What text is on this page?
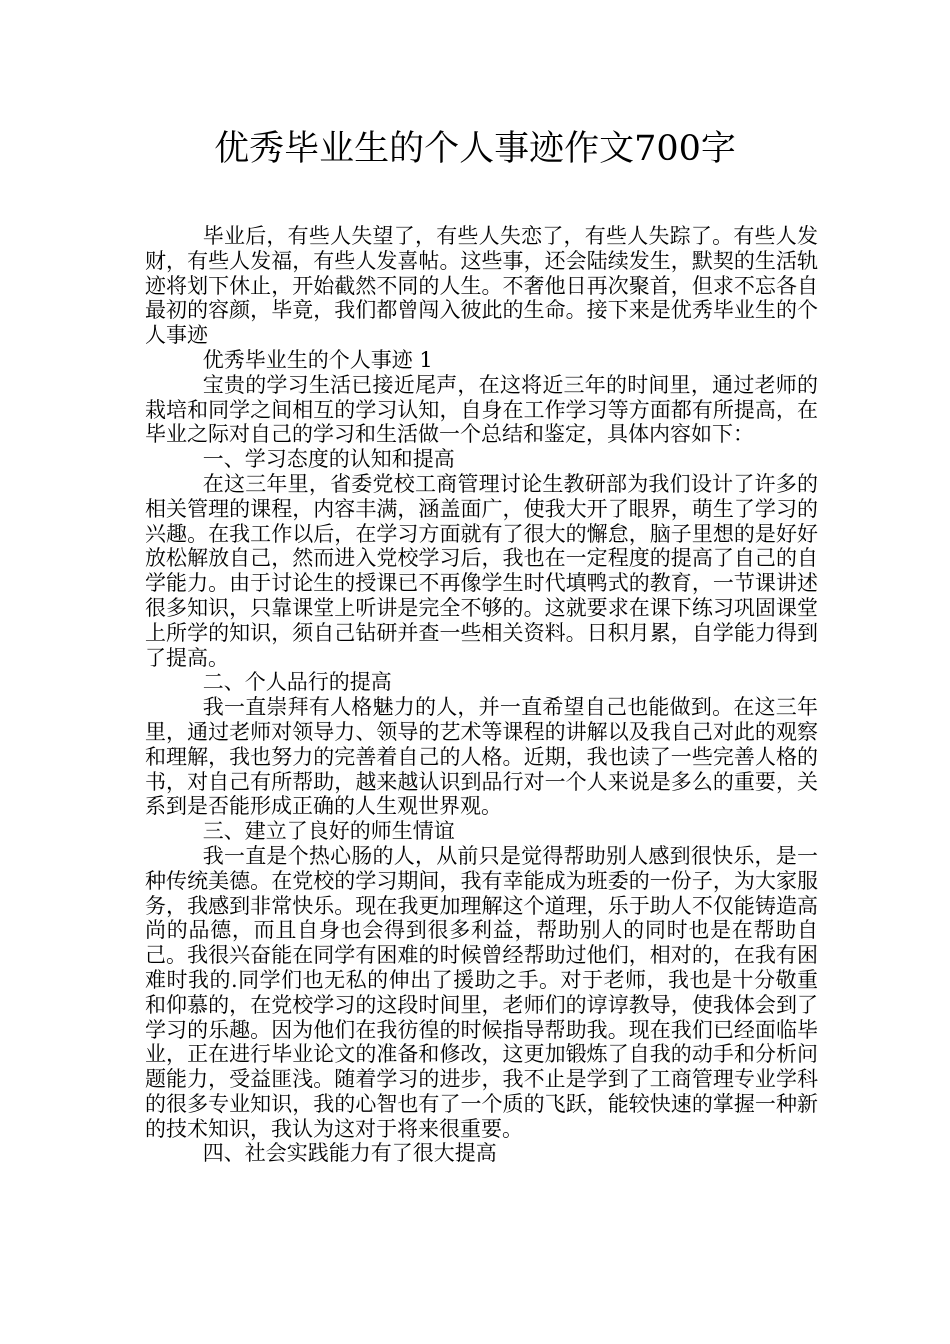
优秀毕业生的个人事迹作文700字

毕业后，有些人失望了，有些人失恋了，有些人失踪了。有些人发财，有些人发福，有些人发喜帖。这些事，还会陆续发生，默契的生活轨迹将划下休止，开始截然不同的人生。不奢他日再次聚首，但求不忘各自最初的容颜，毕竟，我们都曾闯入彼此的生命。接下来是优秀毕业生的个人事迹

优秀毕业生的个人事迹 1

宝贵的学习生活已接近尾声，在这将近三年的时间里，通过老师的栽培和同学之间相互的学习认知，自身在工作学习等方面都有所提高，在毕业之际对自己的学习和生活做一个总结和鉴定，具体内容如下：

一、学习态度的认知和提高

在这三年里，省委党校工商管理讨论生教研部为我们设计了许多的相关管理的课程，内容丰满，涵盖面广，使我大开了眼界，萌生了学习的兴趣。在我工作以后，在学习方面就有了很大的懈怠，脑子里想的是好好放松解放自己，然而进入党校学习后，我也在一定程度的提高了自己的自学能力。由于讨论生的授课已不再像学生时代填鸭式的教育，一节课讲述很多知识，只靠课堂上听讲是完全不够的。这就要求在课下练习巩固课堂上所学的知识，须自己钻研并查一些相关资料。日积月累，自学能力得到了提高。

二、个人品行的提高

我一直崇拜有人格魅力的人，并一直希望自己也能做到。在这三年里，通过老师对领导力、领导的艺术等课程的讲解以及我自己对此的观察和理解，我也努力的完善着自己的人格。近期，我也读了一些完善人格的书，对自己有所帮助，越来越认识到品行对一个人来说是多么的重要，关系到是否能形成正确的人生观世界观。

三、建立了良好的师生情谊

我一直是个热心肠的人，从前只是觉得帮助别人感到很快乐，是一种传统美德。在党校的学习期间，我有幸能成为班委的一份子，为大家服务，我感到非常快乐。现在我更加理解这个道理，乐于助人不仅能铸造高尚的品德，而且自身也会得到很多利益，帮助别人的同时也是在帮助自己。我很兴奋能在同学有困难的时候曾经帮助过他们，相对的，在我有困难时我的.同学们也无私的伸出了援助之手。对于老师，我也是十分敬重和仰慕的，在党校学习的这段时间里，老师们的谆谆教导，使我体会到了学习的乐趣。因为他们在我彷徨的时候指导帮助我。现在我们已经面临毕业，正在进行毕业论文的准备和修改，这更加锻炼了自我的动手和分析问题能力，受益匪浅。随着学习的进步，我不止是学到了工商管理专业学科的很多专业知识，我的心智也有了一个质的飞跃，能较快速的掌握一种新的技术知识，我认为这对于将来很重要。

四、社会实践能力有了很大提高
